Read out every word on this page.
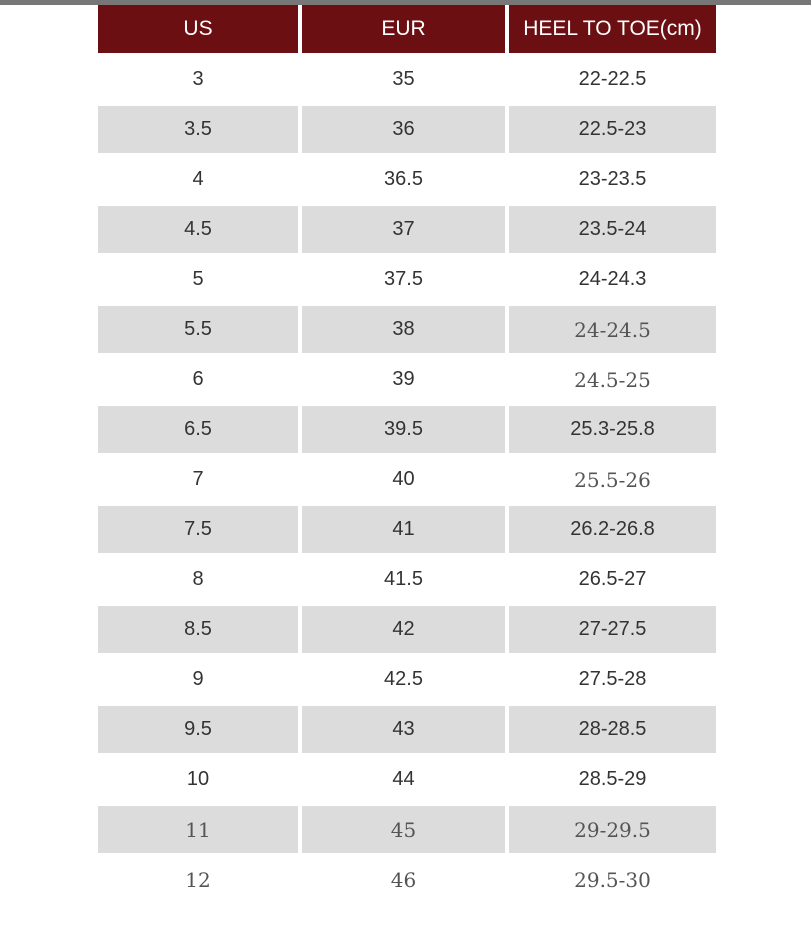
US	EUR	HEEL TO TOE(cm)
3	35	22-22.5
3.5	36	22.5-23
4	36.5	23-23.5
4.5	37	23.5-24
5	37.5	24-24.3
5.5	38	24-24.5
6	39	24.5-25
6.5	39.5	25.3-25.8
7	40	25.5-26
7.5	41	26.2-26.8
8	41.5	26.5-27
8.5	42	27-27.5
9	42.5	27.5-28
9.5	43	28-28.5
10	44	28.5-29
11	45	29-29.5
12	46	29.5-30
